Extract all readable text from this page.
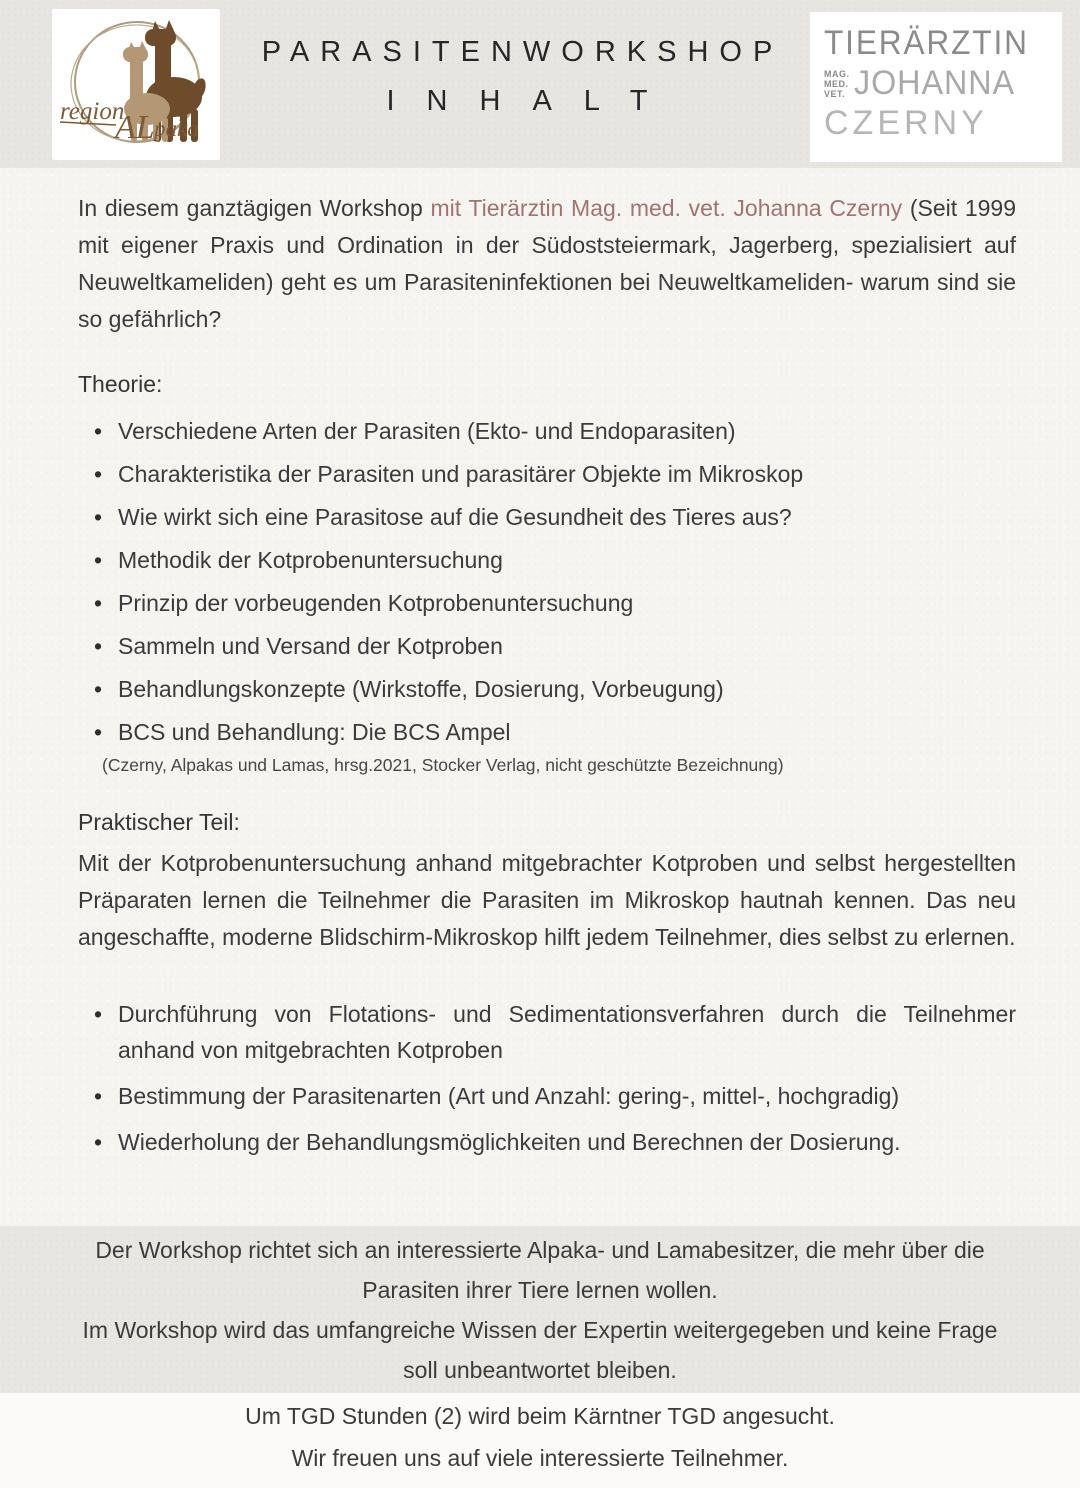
region
AL paka
PARASITENWORKSHOP
INHALT
TIERÄRZTIN
MAG.
MED.
VET. JOHANNA
CZERNY

In diesem ganztägigen Workshop mit Tierärztin Mag. med. vet. Johanna Czerny (Seit 1999 mit eigener Praxis und Ordination in der Südoststeiermark, Jagerberg, spezialisiert auf Neuweltkameliden) geht es um Parasiteninfektionen bei Neuweltkameliden- warum sind sie so gefährlich?

Theorie:
• Verschiedene Arten der Parasiten (Ekto- und Endoparasiten)
• Charakteristika der Parasiten und parasitärer Objekte im Mikroskop
• Wie wirkt sich eine Parasitose auf die Gesundheit des Tieres aus?
• Methodik der Kotprobenuntersuchung
• Prinzip der vorbeugenden Kotprobenuntersuchung
• Sammeln und Versand der Kotproben
• Behandlungskonzepte (Wirkstoffe, Dosierung, Vorbeugung)
• BCS und Behandlung: Die BCS Ampel

(Czerny, Alpakas und Lamas, hrsg.2021, Stocker Verlag, nicht geschützte Bezeichnung)

Praktischer Teil:

Mit der Kotprobenuntersuchung anhand mitgebrachter Kotproben und selbst hergestellten Präparaten lernen die Teilnehmer die Parasiten im Mikroskop hautnah kennen. Das neu angeschaffte, moderne Blidschirm-Mikroskop hilft jedem Teilnehmer, dies selbst zu erlernen.

• Durchführung von Flotations- und Sedimentationsverfahren durch die Teilnehmer anhand von mitgebrachten Kotproben
• Bestimmung der Parasitenarten (Art und Anzahl: gering-, mittel-, hochgradig)
• Wiederholung der Behandlungsmöglichkeiten und Berechnen der Dosierung.

Der Workshop richtet sich an interessierte Alpaka- und Lamabesitzer, die mehr über die Parasiten ihrer Tiere lernen wollen.

Im Workshop wird das umfangreiche Wissen der Expertin weitergegeben und keine Frage soll unbeantwortet bleiben.

Um TGD Stunden (2) wird beim Kärntner TGD angesucht.

Wir freuen uns auf viele interessierte Teilnehmer.
